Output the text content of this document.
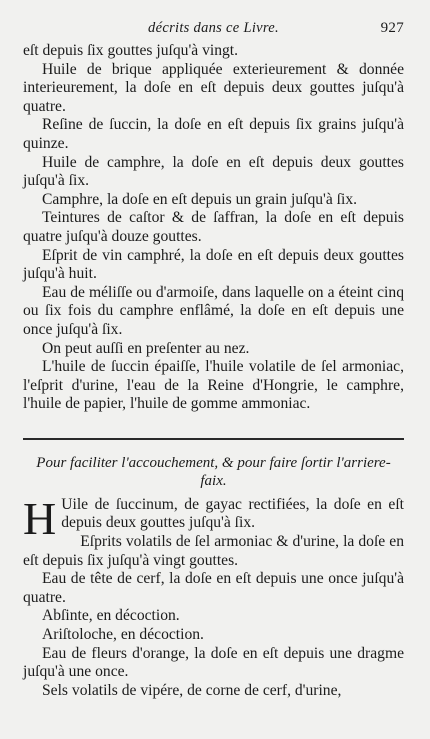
décrits dans ce Livre.	927

eſt depuis ſix gouttes juſqu'à vingt.

Huile de brique appliquée exterieurement & donnée interieurement, la doſe en eſt depuis deux gouttes juſqu'à quatre.

Reſine de ſuccin, la doſe en eſt depuis ſix grains juſqu'à quinze.

Huile de camphre, la doſe en eſt depuis deux gouttes juſqu'à ſix.

Camphre, la doſe en eſt depuis un grain juſqu'à ſix.

Teintures de caſtor & de ſaffran, la doſe en eſt depuis quatre juſqu'à douze gouttes.

Eſprit de vin camphré, la doſe en eſt depuis deux gouttes juſqu'à huit.

Eau de méliſſe ou d'armoiſe, dans laquelle on a éteint cinq ou ſix fois du camphre enflâmé, la doſe en eſt depuis une once juſqu'à ſix.

On peut auſſi en preſenter au nez.

L'huile de ſuccin épaiſſe, l'huile volatile de ſel armoniac, l'eſprit d'urine, l'eau de la Reine d'Hongrie, le camphre, l'huile de papier, l'huile de gomme ammoniac.

Pour faciliter l'accouchement, & pour faire ſortir l'arriere-faix.

H Uile de ſuccinum, de gayac rectifiées, la doſe en eſt depuis deux gouttes juſqu'à ſix.

Eſprits volatils de ſel armoniac & d'urine, la doſe en eſt depuis ſix juſqu'à vingt gouttes.

Eau de tête de cerf, la doſe en eſt depuis une once juſqu'à quatre.

Abſinte, en décoction.

Ariſtoloche, en décoction.

Eau de fleurs d'orange, la doſe en eſt depuis une dragme juſqu'à une once.

Sels volatils de vipére, de corne de cerf, d'urine,
